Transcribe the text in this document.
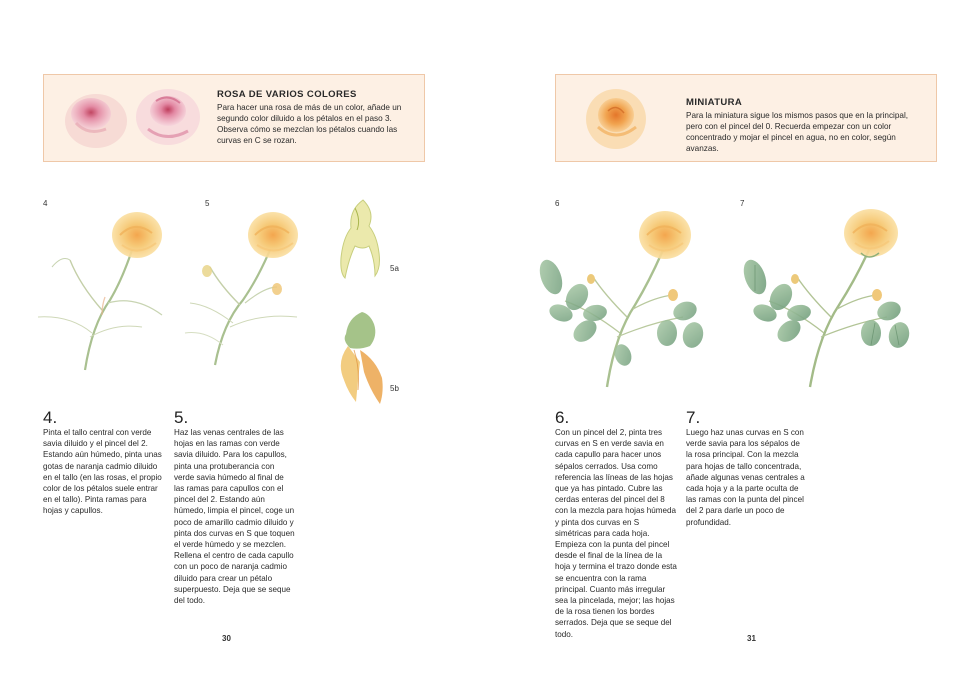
ROSA DE VARIOS COLORES
Para hacer una rosa de más de un color, añade un segundo color diluido a los pétalos en el paso 3. Observa cómo se mezclan los pétalos cuando las curvas en C se rozan.
4	5
5a
5b
4.
Pinta el tallo central con verde savia diluido y el pincel del 2. Estando aún húmedo, pinta unas gotas de naranja cadmio diluido en el tallo (en las rosas, el propio color de los pétalos suele entrar en el tallo). Pinta ramas para hojas y capullos.
5.
Haz las venas centrales de las hojas en las ramas con verde savia diluido. Para los capullos, pinta una protuberancia con verde savia húmedo al final de las ramas para capullos con el pincel del 2. Estando aún húmedo, limpia el pincel, coge un poco de amarillo cadmio diluido y pinta dos curvas en S que toquen el verde húmedo y se mezclen. Rellena el centro de cada capullo con un poco de naranja cadmio diluido para crear un pétalo superpuesto. Deja que se seque del todo.
30
MINIATURA
Para la miniatura sigue los mismos pasos que en la principal, pero con el pincel del 0. Recuerda empezar con un color concentrado y mojar el pincel en agua, no en color, según avanzas.
6	7
6.
Con un pincel del 2, pinta tres curvas en S en verde savia en cada capullo para hacer unos sépalos cerrados. Usa como referencia las líneas de las hojas que ya has pintado. Cubre las cerdas enteras del pincel del 8 con la mezcla para hojas húmeda y pinta dos curvas en S simétricas para cada hoja. Empieza con la punta del pincel desde el final de la línea de la hoja y termina el trazo donde esta se encuentra con la rama principal. Cuanto más irregular sea la pincelada, mejor; las hojas de la rosa tienen los bordes serrados. Deja que se seque del todo.
7.
Luego haz unas curvas en S con verde savia para los sépalos de la rosa principal. Con la mezcla para hojas de tallo concentrada, añade algunas venas centrales a cada hoja y a la parte oculta de las ramas con la punta del pincel del 2 para darle un poco de profundidad.
31
